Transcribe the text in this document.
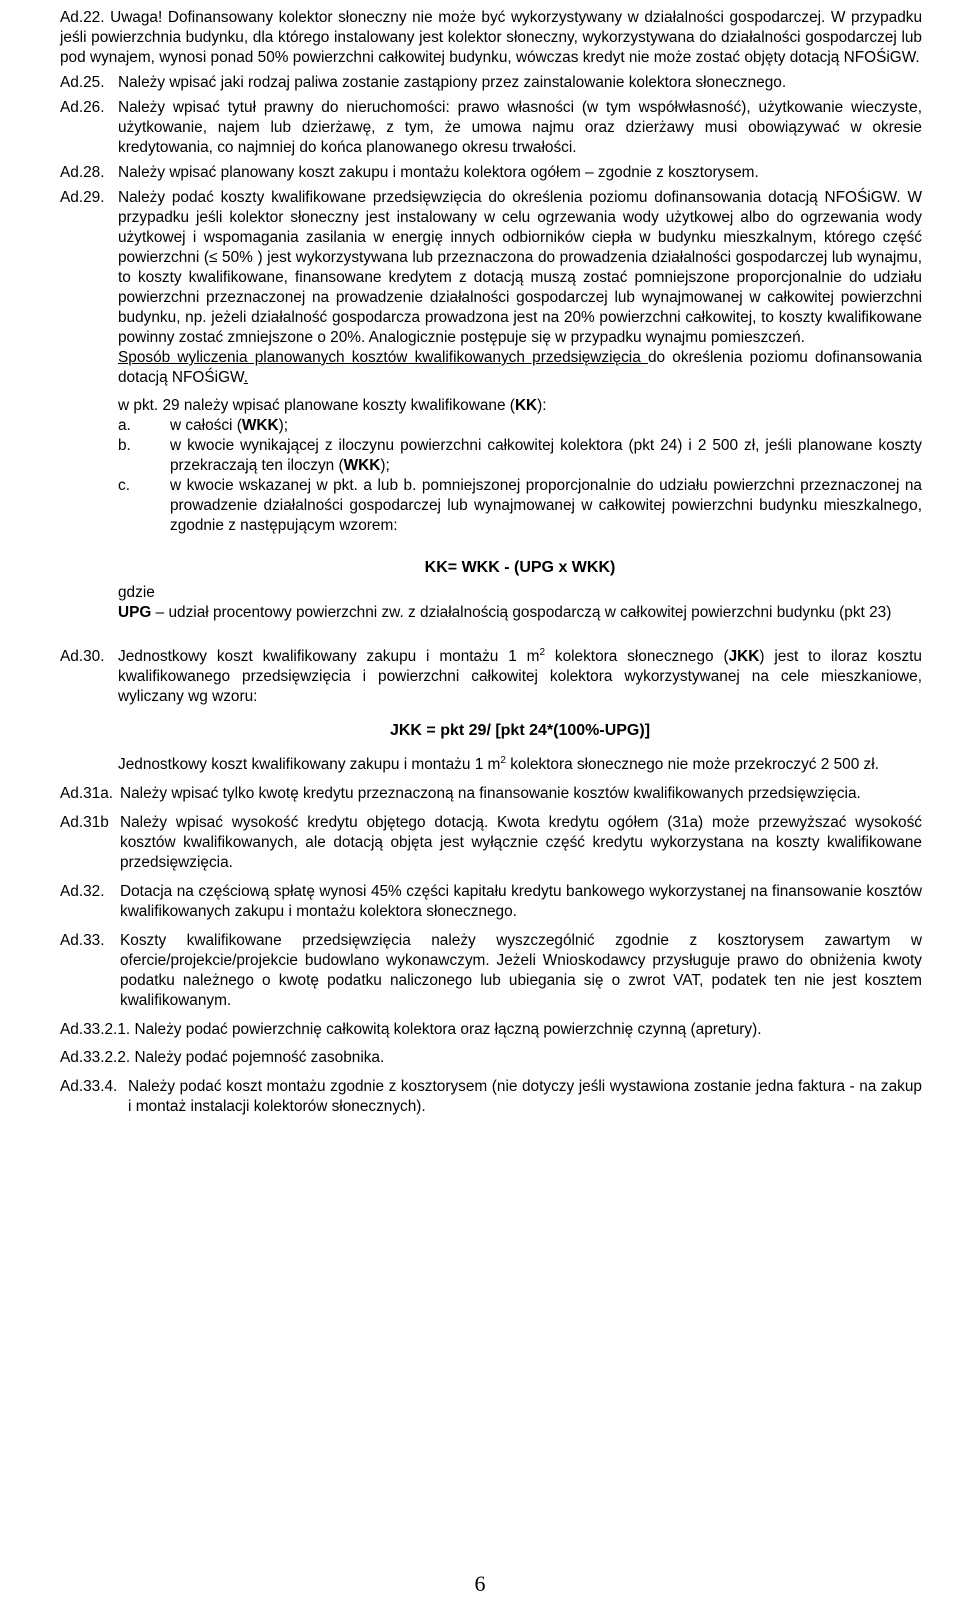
Ad.22. Uwaga! Dofinansowany kolektor słoneczny nie może być wykorzystywany w działalności gospodarczej. W przypadku jeśli powierzchnia budynku, dla którego instalowany jest kolektor słoneczny, wykorzystywana do działalności gospodarczej lub pod wynajem, wynosi ponad 50% powierzchni całkowitej budynku, wówczas kredyt nie może zostać objęty dotacją NFOŚiGW.
Ad.25. Należy wpisać jaki rodzaj paliwa zostanie zastąpiony przez zainstalowanie kolektora słonecznego.
Ad.26. Należy wpisać tytuł prawny do nieruchomości: prawo własności (w tym współwłasność), użytkowanie wieczyste, użytkowanie, najem lub dzierżawę, z tym, że umowa najmu oraz dzierżawy musi obowiązywać w okresie kredytowania, co najmniej do końca planowanego okresu trwałości.
Ad.28. Należy wpisać planowany koszt zakupu i montażu kolektora ogółem – zgodnie z kosztorysem.
Ad.29. Należy podać koszty kwalifikowane przedsięwzięcia do określenia poziomu dofinansowania dotacją NFOŚiGW. W przypadku jeśli kolektor słoneczny jest instalowany w celu ogrzewania wody użytkowej albo do ogrzewania wody użytkowej i wspomagania zasilania w energię innych odbiorników ciepła w budynku mieszkalnym, którego część powierzchni (≤ 50% ) jest wykorzystywana lub przeznaczona do prowadzenia działalności gospodarczej lub wynajmu, to koszty kwalifikowane, finansowane kredytem z dotacją muszą zostać pomniejszone proporcjonalnie do udziału powierzchni przeznaczonej na prowadzenie działalności gospodarczej lub wynajmowanej w całkowitej powierzchni budynku, np. jeżeli działalność gospodarcza prowadzona jest na 20% powierzchni całkowitej, to koszty kwalifikowane powinny zostać zmniejszone o 20%. Analogicznie postępuje się w przypadku wynajmu pomieszczeń.
Sposób wyliczenia planowanych kosztów kwalifikowanych przedsięwzięcia do określenia poziomu dofinansowania dotacją NFOŚiGW.
w pkt. 29 należy wpisać planowane koszty kwalifikowane (KK):
a.	w całości (WKK);
b.	w kwocie wynikającej z iloczynu powierzchni całkowitej kolektora (pkt 24) i 2 500 zł, jeśli planowane koszty przekraczają ten iloczyn (WKK);
c.	w kwocie wskazanej w pkt. a lub b. pomniejszonej proporcjonalnie do udziału powierzchni przeznaczonej na prowadzenie działalności gospodarczej lub wynajmowanej w całkowitej powierzchni budynku mieszkalnego, zgodnie z następującym wzorem:
KK= WKK - (UPG x WKK)
gdzie
UPG – udział procentowy powierzchni zw. z działalnością gospodarczą w całkowitej powierzchni budynku (pkt 23)
Ad.30. Jednostkowy koszt kwalifikowany zakupu i montażu 1 $m^2$ kolektora słonecznego (JKK) jest to iloraz kosztu kwalifikowanego przedsięwzięcia i powierzchni całkowitej kolektora wykorzystywanej na cele mieszkaniowe, wyliczany wg wzoru:
JKK = pkt 29/ [pkt 24*(100%-UPG)]
Jednostkowy koszt kwalifikowany zakupu i montażu 1 $m^2$ kolektora słonecznego nie może przekroczyć 2 500 zł.
Ad.31a. Należy wpisać tylko kwotę kredytu przeznaczoną na finansowanie kosztów kwalifikowanych przedsięwzięcia.
Ad.31b Należy wpisać wysokość kredytu objętego dotacją. Kwota kredytu ogółem (31a) może przewyższać wysokość kosztów kwalifikowanych, ale dotacją objęta jest wyłącznie część kredytu wykorzystana na koszty kwalifikowane przedsięwzięcia.
Ad.32.	Dotacja na częściową spłatę wynosi 45% części kapitału kredytu bankowego wykorzystanej na finansowanie kosztów kwalifikowanych zakupu i montażu kolektora słonecznego.
Ad.33.	Koszty kwalifikowane przedsięwzięcia należy wyszczególnić zgodnie z kosztorysem zawartym w ofercie/projekcie/projekcie budowlano wykonawczym. Jeżeli Wnioskodawcy przysługuje prawo do obniżenia kwoty podatku należnego o kwotę podatku naliczonego lub ubiegania się o zwrot VAT, podatek ten nie jest kosztem kwalifikowanym.
Ad.33.2.1. Należy podać powierzchnię całkowitą kolektora oraz łączną powierzchnię czynną (apretury).
Ad.33.2.2. Należy podać pojemność zasobnika.
Ad.33.4. Należy podać koszt montażu zgodnie z kosztorysem (nie dotyczy jeśli wystawiona zostanie jedna faktura - na zakup i montaż instalacji kolektorów słonecznych).
6
